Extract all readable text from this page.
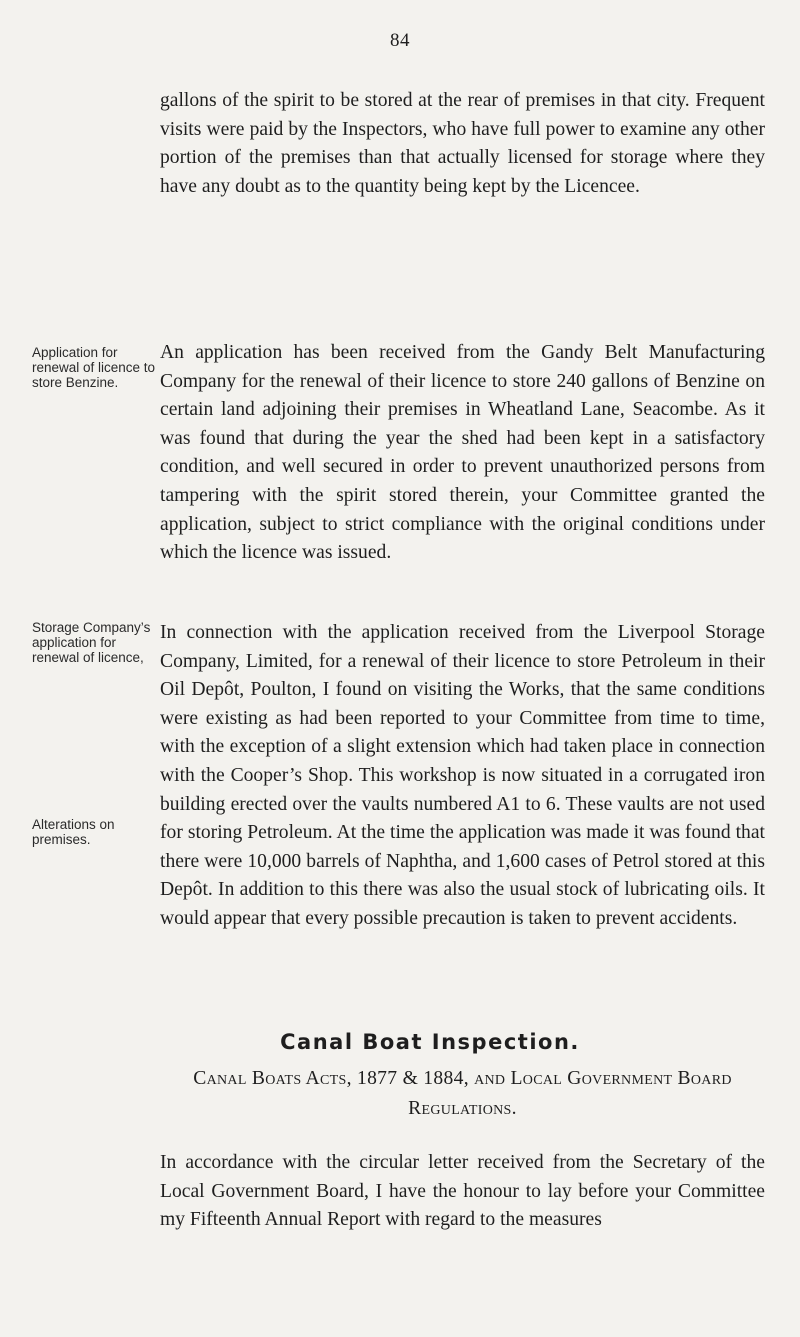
84
gallons of the spirit to be stored at the rear of premises in that city. Frequent visits were paid by the Inspectors, who have full power to examine any other portion of the premises than that actually licensed for storage where they have any doubt as to the quantity being kept by the Licencee.
Application for renewal of licence to store Benzine.
An application has been received from the Gandy Belt Manufacturing Company for the renewal of their licence to store 240 gallons of Benzine on certain land adjoining their premises in Wheatland Lane, Seacombe. As it was found that during the year the shed had been kept in a satisfactory condition, and well secured in order to prevent unauthorized persons from tampering with the spirit stored therein, your Committee granted the application, subject to strict compliance with the original conditions under which the licence was issued.
Storage Company’s application for renewal of licence,
Alterations on premises.
In connection with the application received from the Liverpool Storage Company, Limited, for a renewal of their licence to store Petroleum in their Oil Depôt, Poulton, I found on visiting the Works, that the same conditions were existing as had been reported to your Committee from time to time, with the exception of a slight extension which had taken place in connection with the Cooper’s Shop. This workshop is now situated in a corrugated iron building erected over the vaults numbered A1 to 6. These vaults are not used for storing Petroleum. At the time the application was made it was found that there were 10,000 barrels of Naphtha, and 1,600 cases of Petrol stored at this Depôt. In addition to this there was also the usual stock of lubricating oils. It would appear that every possible precaution is taken to prevent accidents.
Canal Boat Inspection.
Canal Boats Acts, 1877 & 1884, and Local Government Board Regulations.
In accordance with the circular letter received from the Secretary of the Local Government Board, I have the honour to lay before your Committee my Fifteenth Annual Report with regard to the measures
